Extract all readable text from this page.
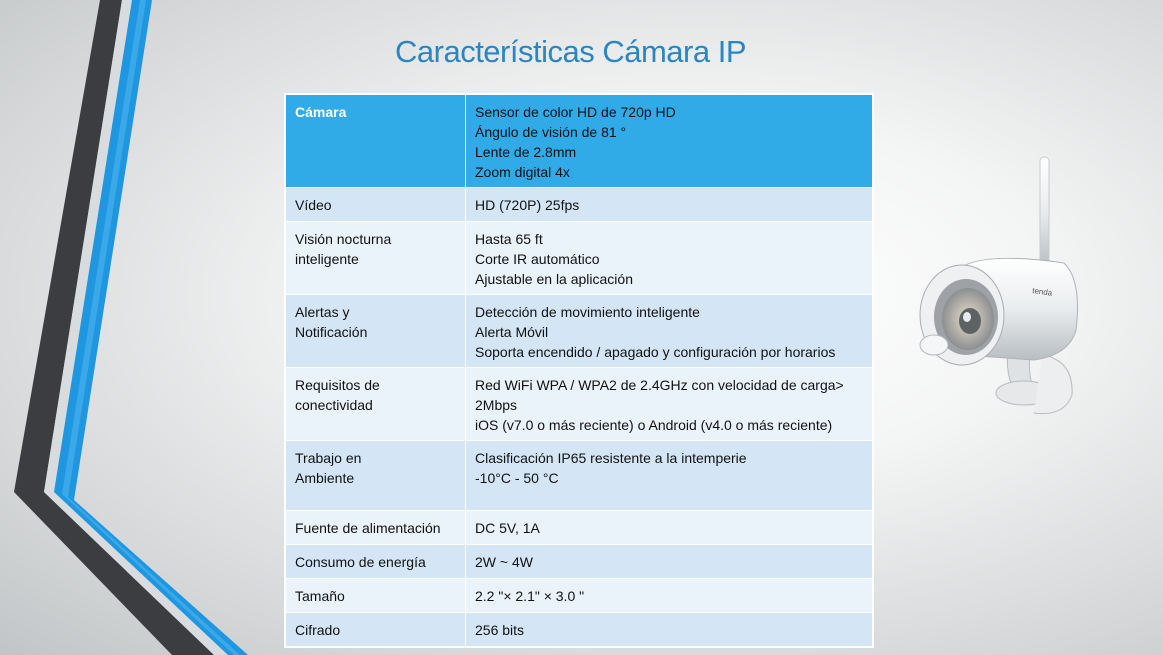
Características Cámara IP
Cámara	Sensor de color HD de 720p HD
Ángulo de visión de 81 °
Lente de 2.8mm
Zoom digital 4x

Vídeo	HD (720P) 25fps

Visión nocturna
inteligente	Hasta 65 ft
Corte IR automático
Ajustable en la aplicación

Alertas y
Notificación	Detección de movimiento inteligente
Alerta Móvil
Soporta encendido / apagado y configuración por horarios

Requisitos de
conectividad	Red WiFi WPA / WPA2 de 2.4GHz con velocidad de carga>
2Mbps
iOS (v7.0 o más reciente) o Android (v4.0 o más reciente)

Trabajo en
Ambiente	Clasificación IP65 resistente a la intemperie
-10°C - 50 °C

Fuente de alimentación	DC 5V, 1A

Consumo de energía	2W ~ 4W

Tamaño	2.2 "× 2.1" × 3.0 "

Cifrado	256 bits
tenda
